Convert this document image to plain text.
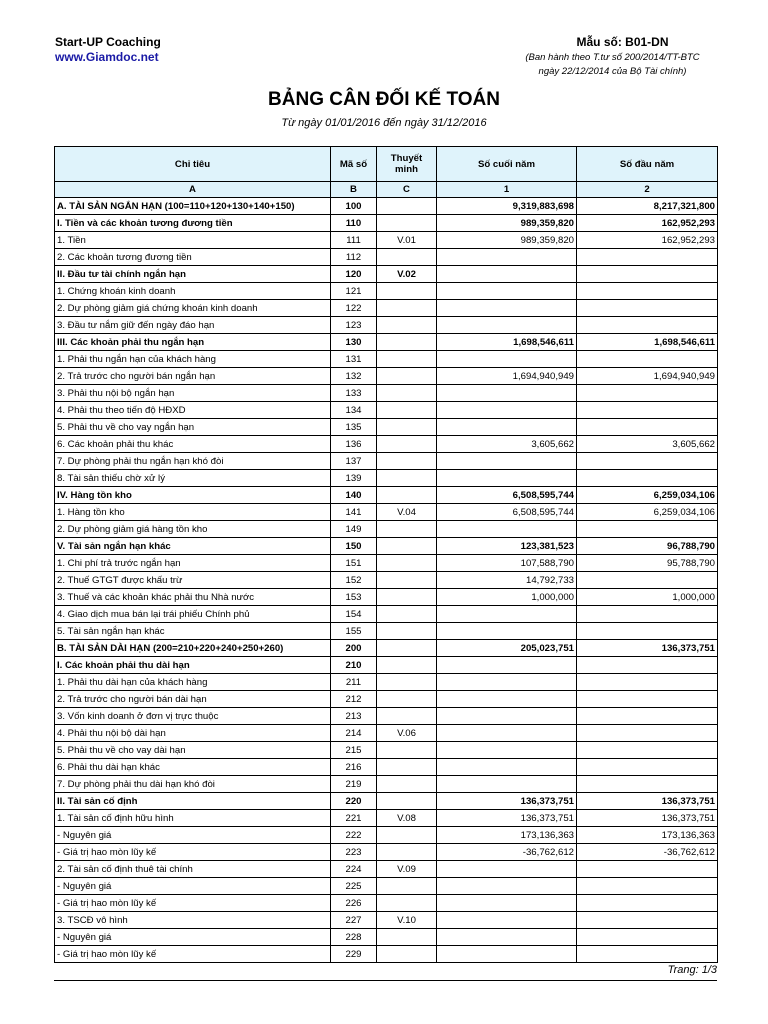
Start-UP Coaching
www.Giamdoc.net
Mẫu số: B01-DN
(Ban hành theo T.tư số 200/2014/TT-BTC
ngày 22/12/2014 của Bộ Tài chính)
BẢNG CÂN ĐỐI KẾ TOÁN
Từ ngày 01/01/2016 đến ngày 31/12/2016
Chỉ tiêu	Mã số	Thuyết minh	Số cuối năm	Số đầu năm
A	B	C	1	2
A. TÀI SẢN NGẮN HẠN (100=110+120+130+140+150)	100		9,319,883,698	8,217,321,800
I. Tiền và các khoản tương đương tiền	110		989,359,820	162,952,293
1. Tiền	111	V.01	989,359,820	162,952,293
2. Các khoản tương đương tiền	112			
II. Đầu tư tài chính ngắn hạn	120	V.02		
1. Chứng khoán kinh doanh	121			
2. Dự phòng giảm giá chứng khoán kinh doanh	122			
3. Đầu tư nắm giữ đến ngày đáo hạn	123			
III. Các khoản phải thu ngắn hạn	130		1,698,546,611	1,698,546,611
1. Phải thu ngắn hạn của khách hàng	131			
2. Trả trước cho người bán ngắn hạn	132		1,694,940,949	1,694,940,949
3. Phải thu nội bộ ngắn hạn	133			
4. Phải thu theo tiến độ HĐXD	134			
5. Phải thu về cho vay ngắn hạn	135			
6. Các khoản phải thu khác	136		3,605,662	3,605,662
7. Dự phòng phải thu ngắn hạn khó đòi	137			
8. Tài sản thiếu chờ xử lý	139			
IV. Hàng tồn kho	140		6,508,595,744	6,259,034,106
1. Hàng tồn kho	141	V.04	6,508,595,744	6,259,034,106
2. Dự phòng giảm giá hàng tồn kho	149			
V. Tài sản ngắn hạn khác	150		123,381,523	96,788,790
1. Chi phí trả trước ngắn hạn	151		107,588,790	95,788,790
2. Thuế GTGT được khấu trừ	152		14,792,733	
3. Thuế và các khoản khác phải thu Nhà nước	153		1,000,000	1,000,000
4. Giao dịch mua bán lại trái phiếu Chính phủ	154			
5. Tài sản ngắn hạn khác	155			
B. TÀI SẢN DÀI HẠN (200=210+220+240+250+260)	200		205,023,751	136,373,751
I. Các khoản phải thu dài hạn	210			
1. Phải thu dài hạn của khách hàng	211			
2. Trả trước cho người bán dài hạn	212			
3. Vốn kinh doanh ở đơn vị trực thuộc	213			
4. Phải thu nội bộ dài hạn	214	V.06		
5. Phải thu về cho vay dài hạn	215			
6. Phải thu dài hạn khác	216			
7. Dự phòng phải thu dài hạn khó đòi	219			
II. Tài sản cố định	220		136,373,751	136,373,751
1. Tài sản cố định hữu hình	221	V.08	136,373,751	136,373,751
- Nguyên giá	222		173,136,363	173,136,363
- Giá trị hao mòn lũy kế	223		-36,762,612	-36,762,612
2. Tài sản cố định thuê tài chính	224	V.09		
- Nguyên giá	225			
- Giá trị hao mòn lũy kế	226			
3. TSCĐ vô hình	227	V.10		
- Nguyên giá	228			
- Giá trị hao mòn lũy kế	229			
Trang: 1/3
